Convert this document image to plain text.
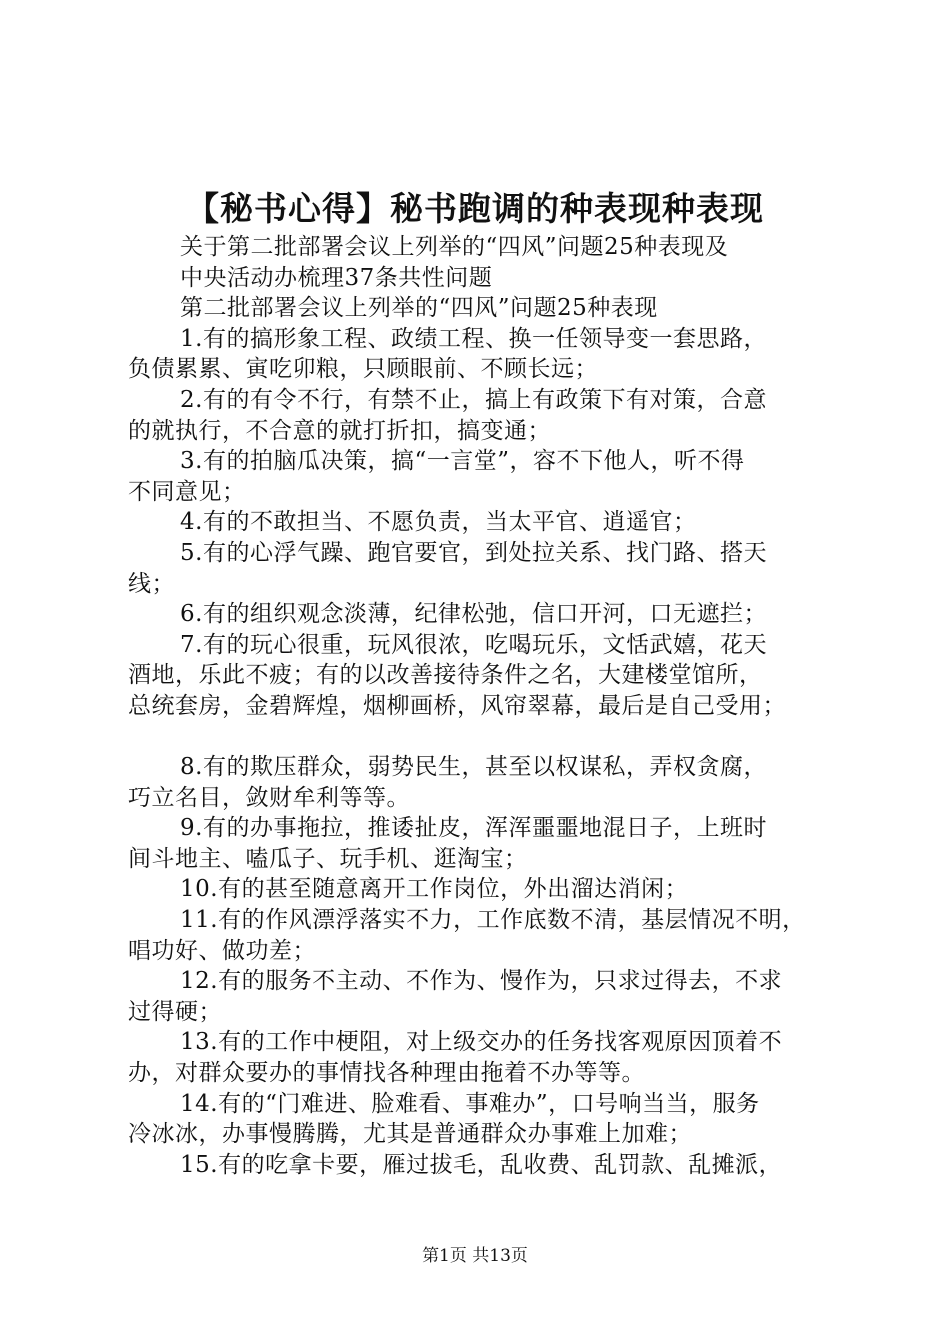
【秘书心得】秘书跑调的种表现种表现
关于第二批部署会议上列举的“四风”问题25种表现及
中央活动办梳理37条共性问题
第二批部署会议上列举的“四风”问题25种表现
1.有的搞形象工程、政绩工程、换一任领导变一套思路，
负债累累、寅吃卯粮，只顾眼前、不顾长远；
2.有的有令不行，有禁不止，搞上有政策下有对策，合意
的就执行，不合意的就打折扣，搞变通；
3.有的拍脑瓜决策，搞“一言堂”，容不下他人，听不得
不同意见；
4.有的不敢担当、不愿负责，当太平官、逍遥官；
5.有的心浮气躁、跑官要官，到处拉关系、找门路、搭天
线；
6.有的组织观念淡薄，纪律松弛，信口开河，口无遮拦；
7.有的玩心很重，玩风很浓，吃喝玩乐，文恬武嬉，花天
酒地，乐此不疲；有的以改善接待条件之名，大建楼堂馆所，
总统套房，金碧辉煌，烟柳画桥，风帘翠幕，最后是自己受用；
8.有的欺压群众，弱势民生，甚至以权谋私，弄权贪腐，
巧立名目，敛财牟利等等。
9.有的办事拖拉，推诿扯皮，浑浑噩噩地混日子，上班时
间斗地主、嗑瓜子、玩手机、逛淘宝；
10.有的甚至随意离开工作岗位，外出溜达消闲；
11.有的作风漂浮落实不力，工作底数不清，基层情况不明，
唱功好、做功差；
12.有的服务不主动、不作为、慢作为，只求过得去，不求
过得硬；
13.有的工作中梗阻，对上级交办的任务找客观原因顶着不
办，对群众要办的事情找各种理由拖着不办等等。
14.有的“门难进、脸难看、事难办”，口号响当当，服务
冷冰冰，办事慢腾腾，尤其是普通群众办事难上加难；
15.有的吃拿卡要，雁过拔毛，乱收费、乱罚款、乱摊派，
第1页 共13页
